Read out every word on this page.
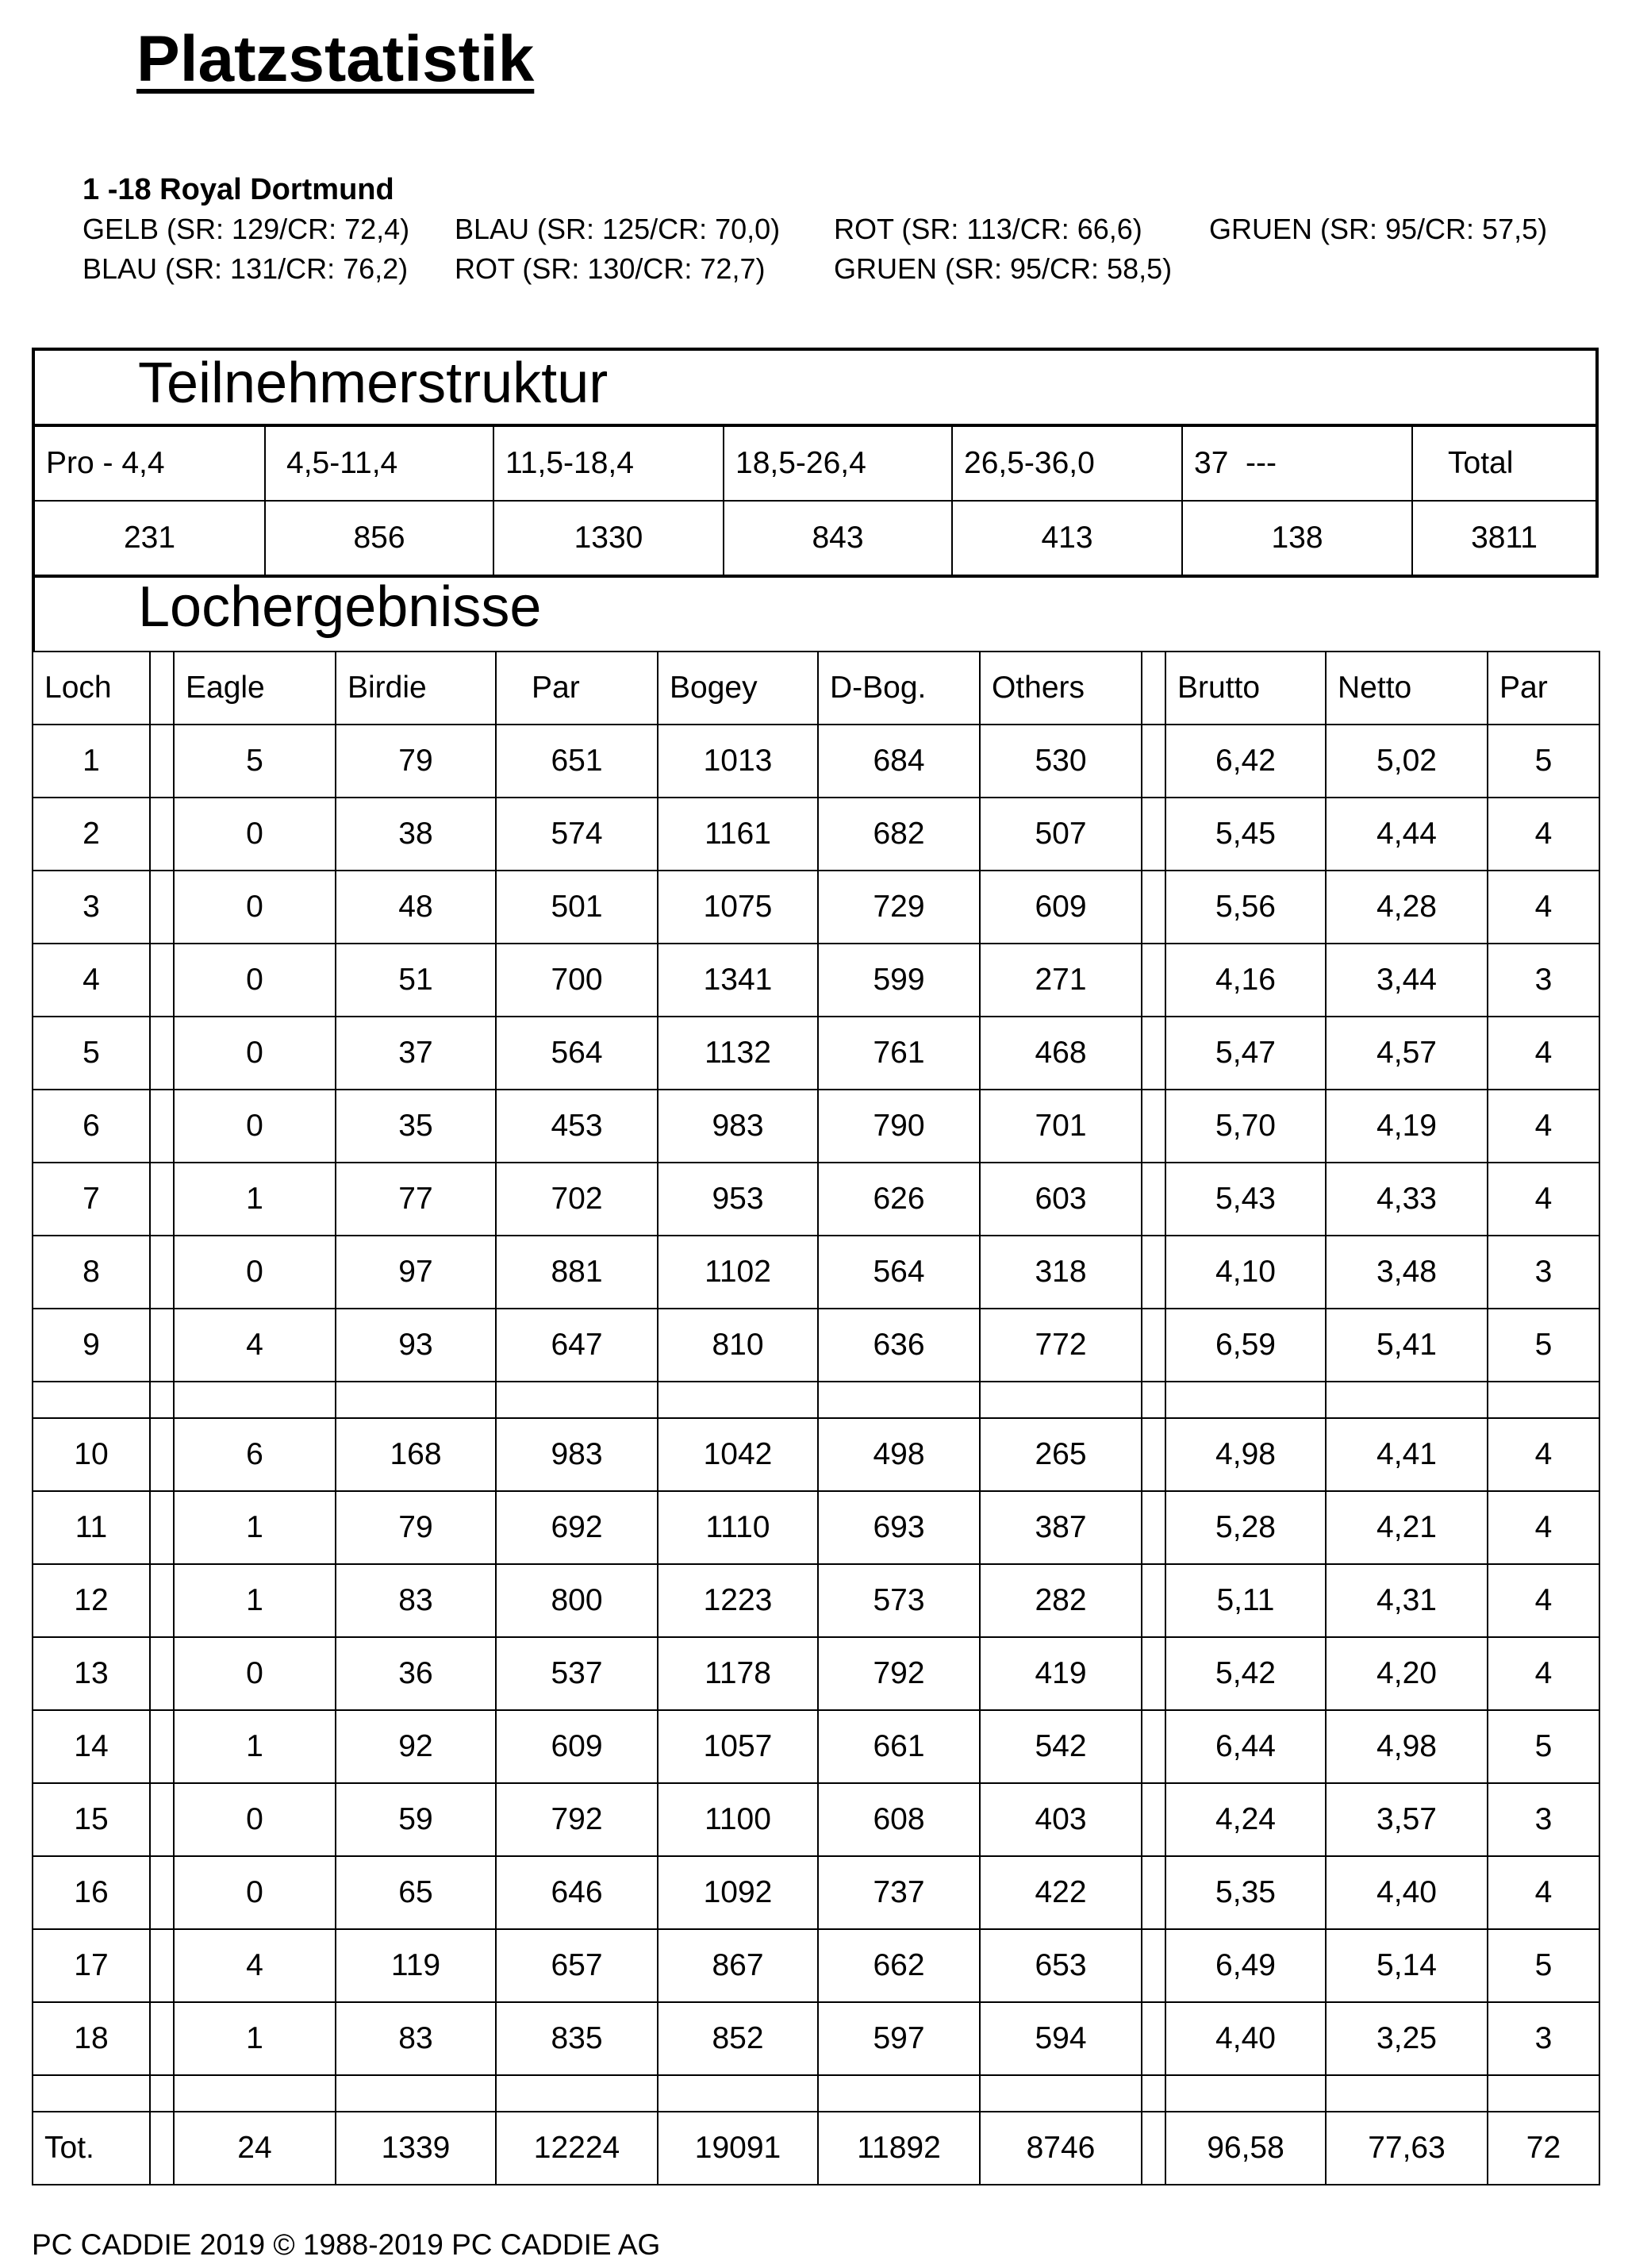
Platzstatistik
1 -18 Royal Dortmund
GELB (SR: 129/CR: 72,4) BLAU (SR: 125/CR: 70,0) ROT (SR: 113/CR: 66,6) GRUEN (SR: 95/CR: 57,5)
BLAU (SR: 131/CR: 76,2) ROT (SR: 130/CR: 72,7) GRUEN (SR: 95/CR: 58,5)
Teilnehmerstruktur
Pro - 4,4	4,5-11,4	11,5-18,4	18,5-26,4	26,5-36,0	37  ---	Total
231	856	1330	843	413	138	3811
Lochergebnisse
Loch		Eagle	Birdie	Par	Bogey	D-Bog.	Others		Brutto	Netto	Par
1		5	79	651	1013	684	530		6,42	5,02	5
2		0	38	574	1161	682	507		5,45	4,44	4
3		0	48	501	1075	729	609		5,56	4,28	4
4		0	51	700	1341	599	271		4,16	3,44	3
5		0	37	564	1132	761	468		5,47	4,57	4
6		0	35	453	983	790	701		5,70	4,19	4
7		1	77	702	953	626	603		5,43	4,33	4
8		0	97	881	1102	564	318		4,10	3,48	3
9		4	93	647	810	636	772		6,59	5,41	5

10		6	168	983	1042	498	265		4,98	4,41	4
11		1	79	692	1110	693	387		5,28	4,21	4
12		1	83	800	1223	573	282		5,11	4,31	4
13		0	36	537	1178	792	419		5,42	4,20	4
14		1	92	609	1057	661	542		6,44	4,98	5
15		0	59	792	1100	608	403		4,24	3,57	3
16		0	65	646	1092	737	422		5,35	4,40	4
17		4	119	657	867	662	653		6,49	5,14	5
18		1	83	835	852	597	594		4,40	3,25	3

Tot.		24	1339	12224	19091	11892	8746		96,58	77,63	72
PC CADDIE 2019 © 1988-2019 PC CADDIE AG
